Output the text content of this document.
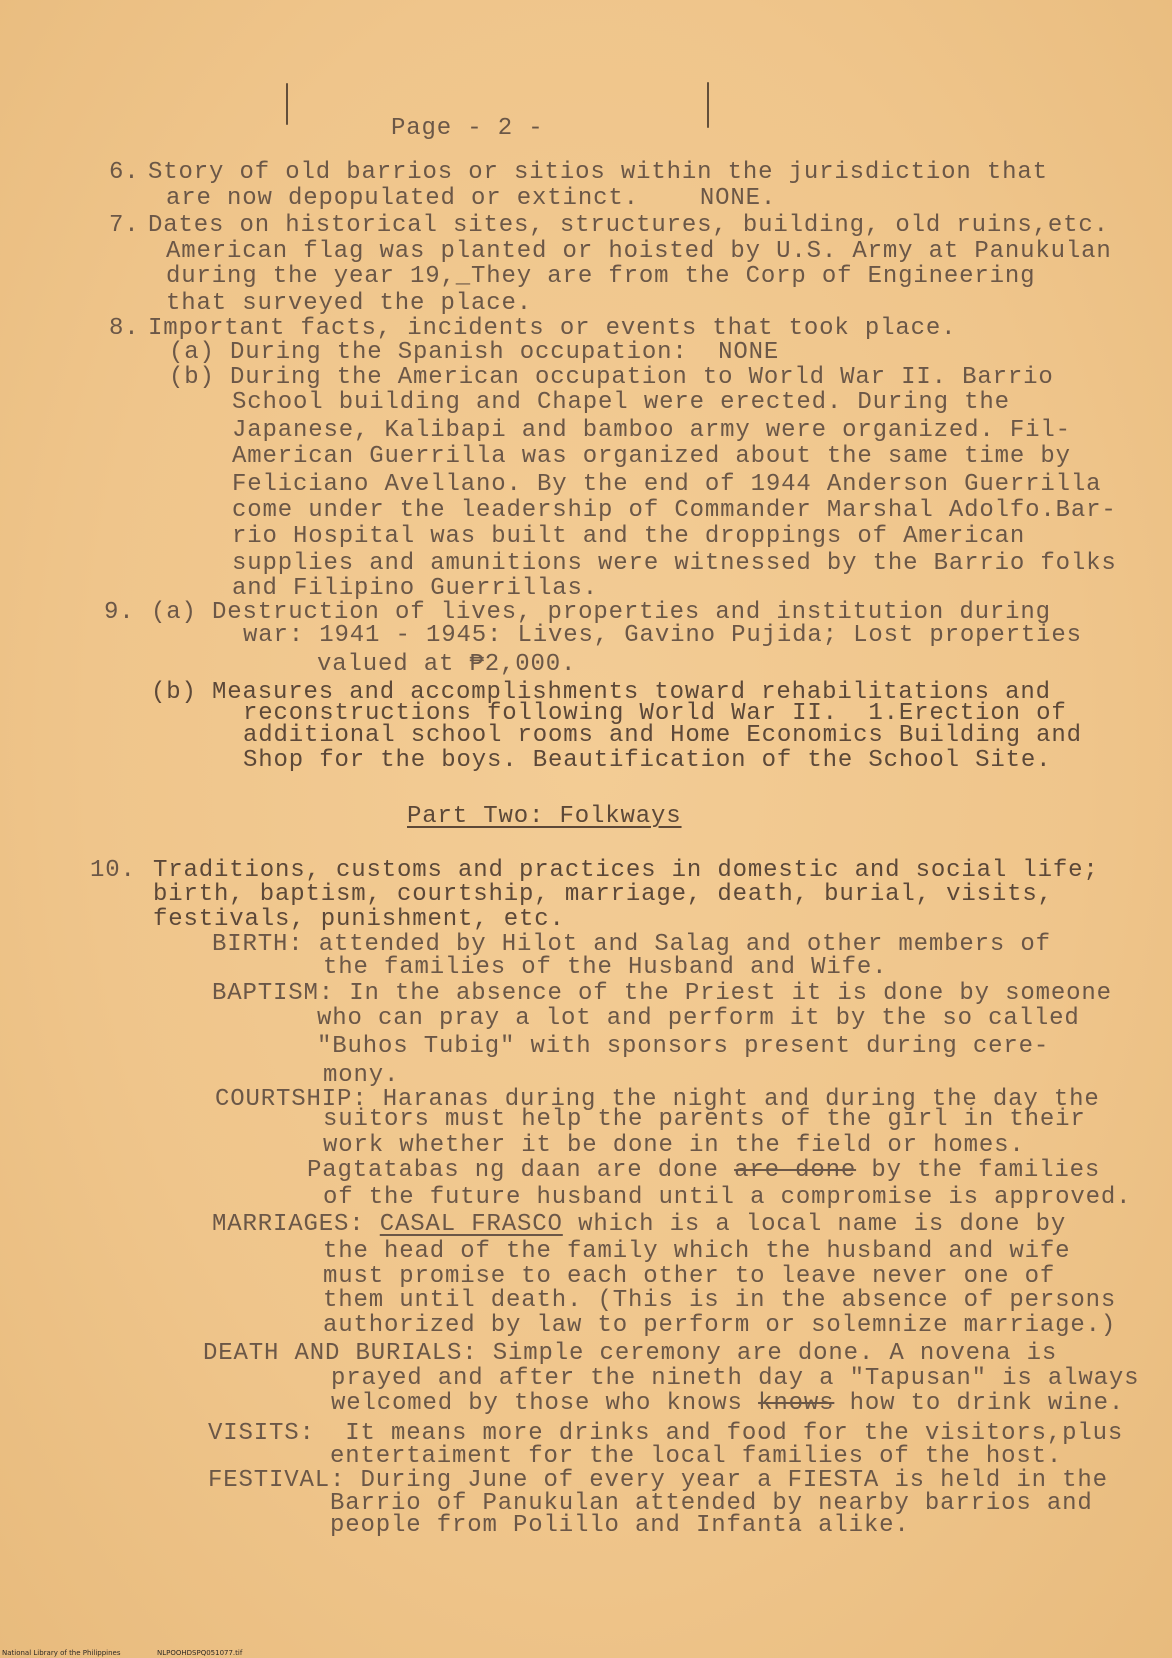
Page - 2 -
6. Story of old barrios or sitios within the jurisdiction that
are now depopulated or extinct.    NONE.
7. Dates on historical sites, structures, building, old ruins,etc.
American flag was planted or hoisted by U.S. Army at Panukulan
during the year 19,_They are from the Corp of Engineering
that surveyed the place.
8. Important facts, incidents or events that took place.
(a) During the Spanish occupation:  NONE
(b) During the American occupation to World War II. Barrio
School building and Chapel were erected. During the
Japanese, Kalibapi and bamboo army were organized. Fil-
American Guerrilla was organized about the same time by
Feliciano Avellano. By the end of 1944 Anderson Guerrilla
come under the leadership of Commander Marshal Adolfo.Bar-
rio Hospital was built and the droppings of American
supplies and amunitions were witnessed by the Barrio folks
and Filipino Guerrillas.
9. (a) Destruction of lives, properties and institution during
war: 1941 - 1945: Lives, Gavino Pujida; Lost properties
valued at ₱2,000.
(b) Measures and accomplishments toward rehabilitations and
reconstructions following World War II.  1.Erection of
additional school rooms and Home Economics Building and
Shop for the boys. Beautification of the School Site.
Part Two: Folkways
10. Traditions, customs and practices in domestic and social life;
birth, baptism, courtship, marriage, death, burial, visits,
festivals, punishment, etc.
BIRTH: attended by Hilot and Salag and other members of
the families of the Husband and Wife.
BAPTISM: In the absence of the Priest it is done by someone
who can pray a lot and perform it by the so called
"Buhos Tubig" with sponsors present during cere-
mony.
COURTSHIP: Haranas during the night and during the day the
suitors must help the parents of the girl in their
work whether it be done in the field or homes.
Pagtatabas ng daan are done are done by the families
of the future husband until a compromise is approved.
MARRIAGES: CASAL FRASCO which is a local name is done by
the head of the family which the husband and wife
must promise to each other to leave never one of
them until death. (This is in the absence of persons
authorized by law to perform or solemnize marriage.)
DEATH AND BURIALS: Simple ceremony are done. A novena is
prayed and after the nineth day a "Tapusan" is always
welcomed by those who knows knows how to drink wine.
VISITS:  It means more drinks and food for the visitors,plus
entertaiment for the local families of the host.
FESTIVAL: During June of every year a FIESTA is held in the
Barrio of Panukulan attended by nearby barrios and
people from Polillo and Infanta alike.
National Library of the Philippines	NLPOOHDSPQ051077.tif
